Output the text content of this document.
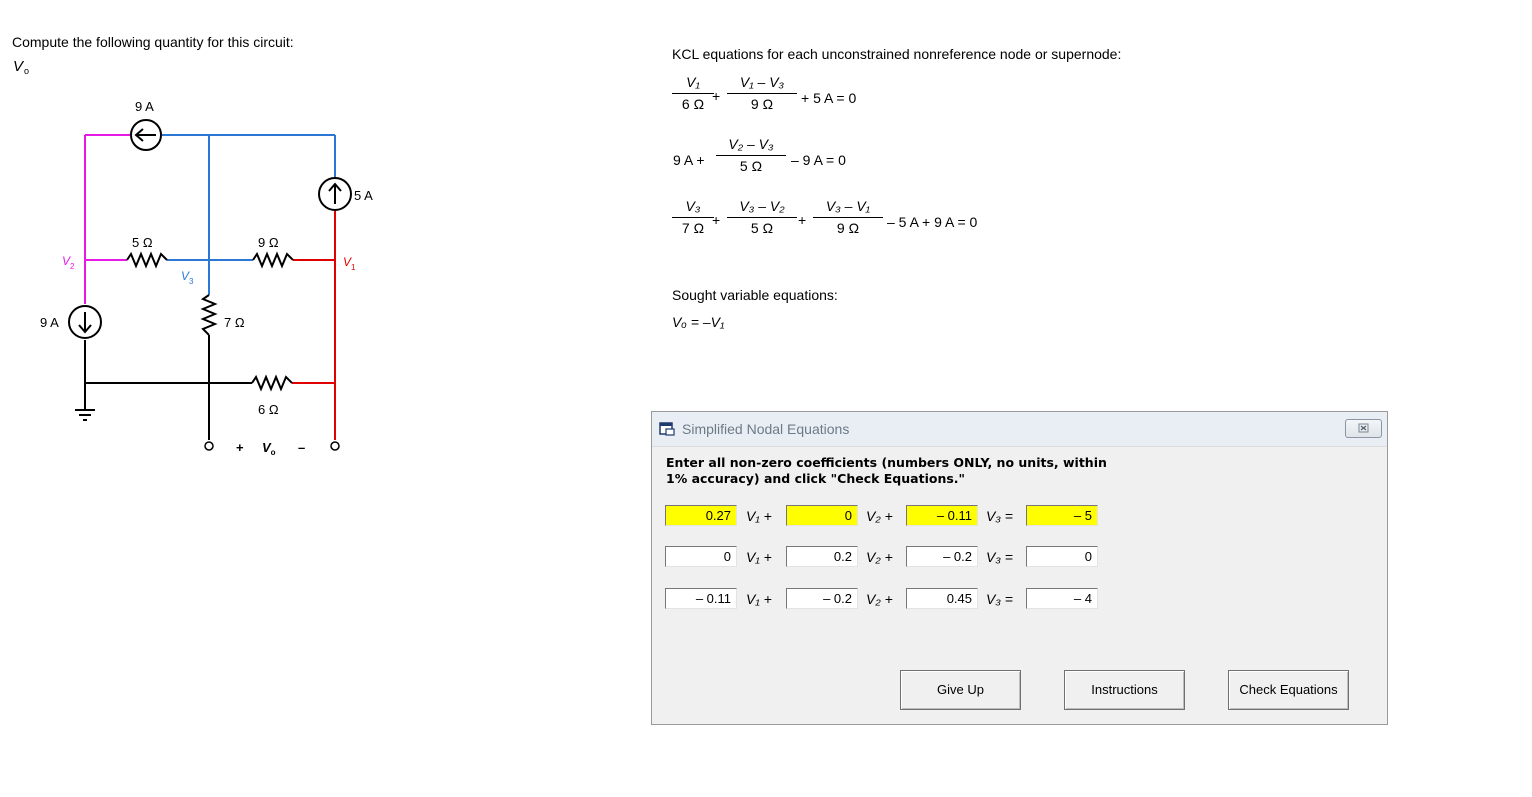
Compute the following quantity for this circuit:
$V_o$
9 A
5 A
9 A
5 Ω	9 Ω
7 Ω
6 Ω
$V_2$
$V_3$
$V_1$
+ $V_o$ –
KCL equations for each unconstrained nonreference node or supernode:
$\frac{\text{V₁}}{6 \Omega}$
+ $\frac{\text{V₁ – V₃}}{9 \Omega} + 5$ A = 0
9 $A + \frac{\text{V₂ – V₃}}{5 \Omega} - 9$ A = 0
$\frac{\text{V₃}}{7 \Omega}$
+ $\frac{\text{V₃ – V₂}}{5 \Omega} + \frac{\text{V₃ – V₁}}{9 \Omega} - 5$ A + 9 A = 0
Sought variable equations:
Vₒ = –V₁
Simplified Nodal Equations
Enter all non-zero coefficients (numbers ONLY, no units, within 1% accuracy) and click "Check Equations."
0.27	V₁ +	0	V₂ +	– 0.11	V₃ =	– 5
0	V₁ +	0.2	V₂ +	– 0.2	V₃ =	0
– 0.11	V₁ +	– 0.2	V₂ +	0.45	V₃ =	– 4
Give Up	Instructions	Check Equations
